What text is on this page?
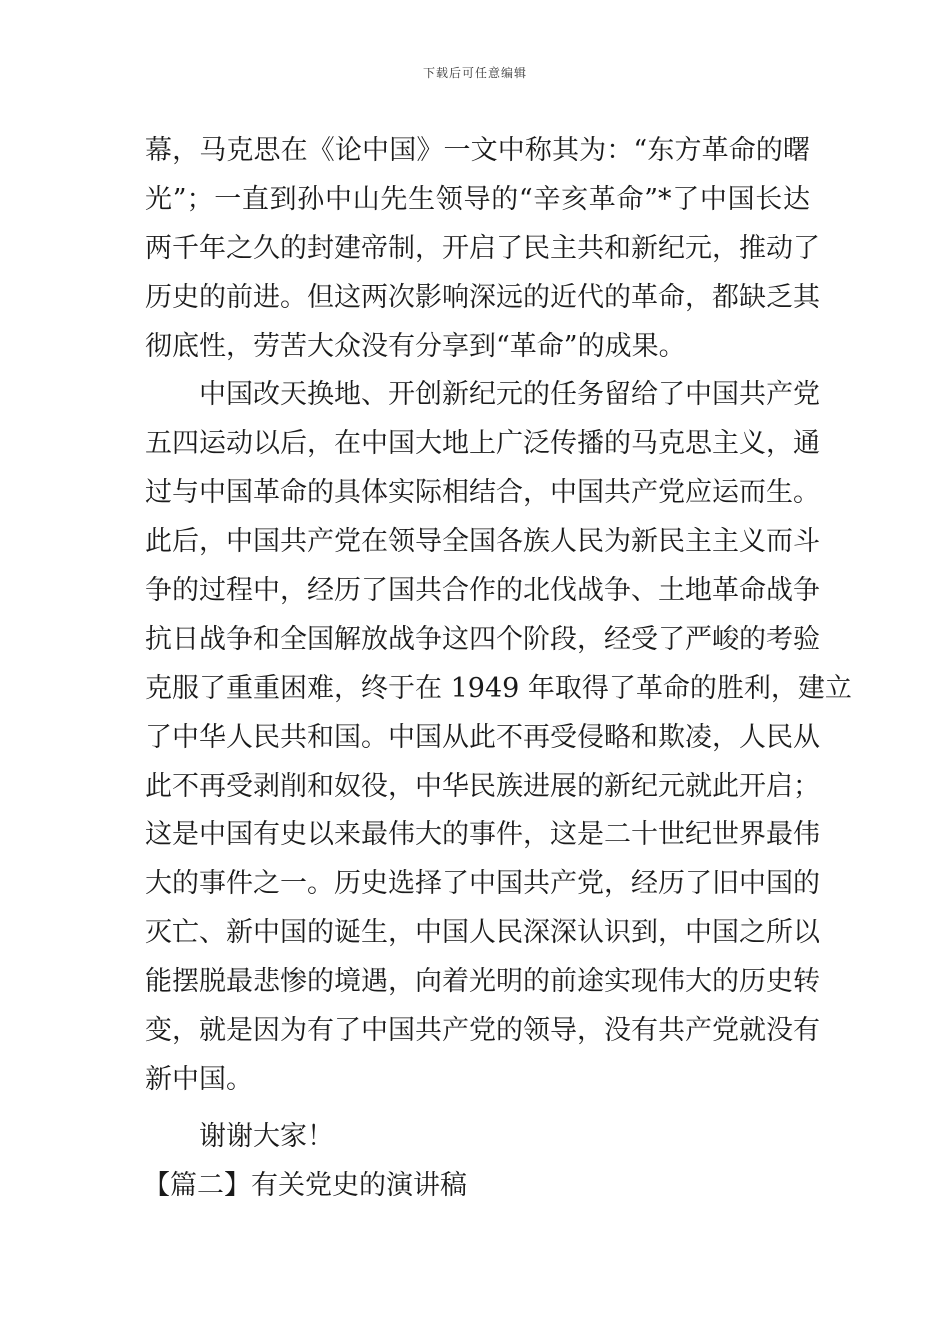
下载后可任意编辑
幕，马克思在《论中国》一文中称其为：“东方革命的曙
光”；一直到孙中山先生领导的“辛亥革命”*了中国长达
两千年之久的封建帝制，开启了民主共和新纪元，推动了
历史的前进。但这两次影响深远的近代的革命，都缺乏其
彻底性，劳苦大众没有分享到“革命”的成果。
中国改天换地、开创新纪元的任务留给了中国共产党
五四运动以后，在中国大地上广泛传播的马克思主义，通
过与中国革命的具体实际相结合，中国共产党应运而生。
此后，中国共产党在领导全国各族人民为新民主主义而斗
争的过程中，经历了国共合作的北伐战争、土地革命战争
抗日战争和全国解放战争这四个阶段，经受了严峻的考验
克服了重重困难，终于在 1949 年取得了革命的胜利，建立
了中华人民共和国。中国从此不再受侵略和欺凌，人民从
此不再受剥削和奴役，中华民族进展的新纪元就此开启；
这是中国有史以来最伟大的事件，这是二十世纪世界最伟
大的事件之一。历史选择了中国共产党，经历了旧中国的
灭亡、新中国的诞生，中国人民深深认识到，中国之所以
能摆脱最悲惨的境遇，向着光明的前途实现伟大的历史转
变，就是因为有了中国共产党的领导，没有共产党就没有
新中国。
谢谢大家！
【篇二】有关党史的演讲稿
